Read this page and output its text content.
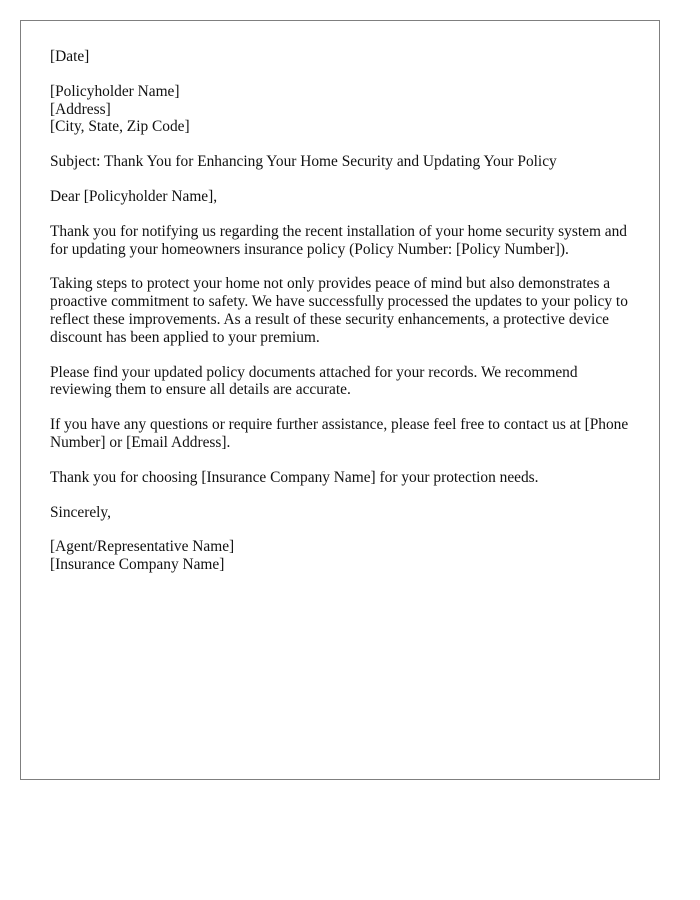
[Date]

[Policyholder Name]
[Address]
[City, State, Zip Code]

Subject: Thank You for Enhancing Your Home Security and Updating Your Policy

Dear [Policyholder Name],

Thank you for notifying us regarding the recent installation of your home security system and for updating your homeowners insurance policy (Policy Number: [Policy Number]).

Taking steps to protect your home not only provides peace of mind but also demonstrates a proactive commitment to safety. We have successfully processed the updates to your policy to reflect these improvements. As a result of these security enhancements, a protective device discount has been applied to your premium.

Please find your updated policy documents attached for your records. We recommend reviewing them to ensure all details are accurate.

If you have any questions or require further assistance, please feel free to contact us at [Phone Number] or [Email Address].

Thank you for choosing [Insurance Company Name] for your protection needs.

Sincerely,

[Agent/Representative Name]
[Insurance Company Name]
